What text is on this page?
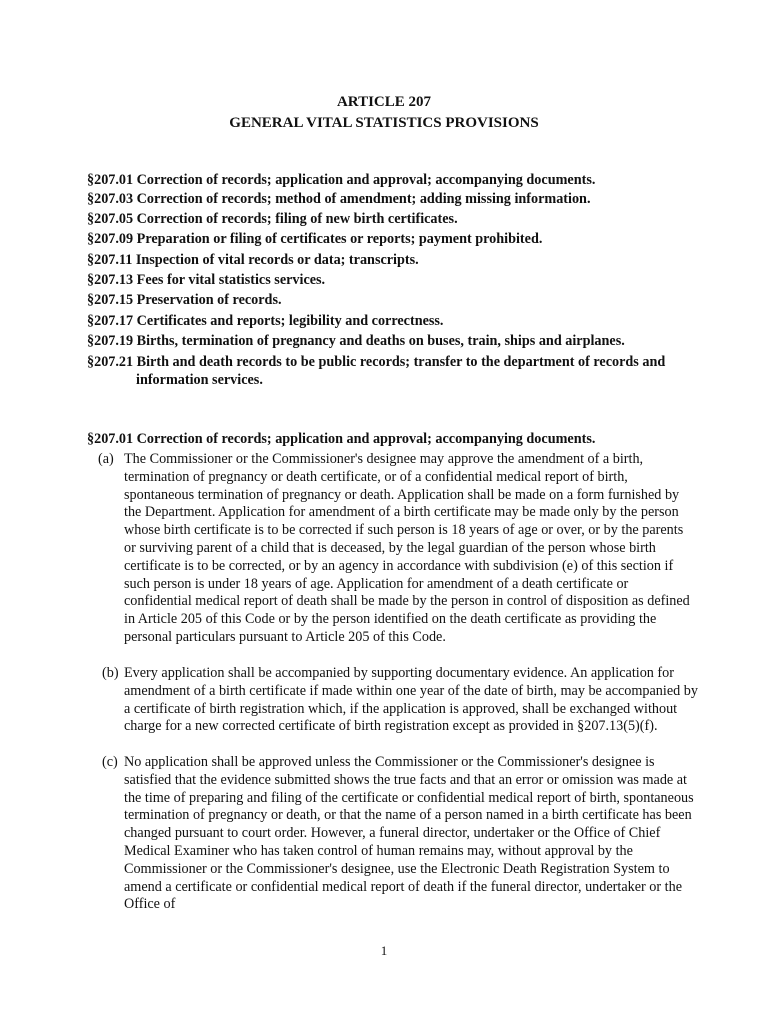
ARTICLE 207
GENERAL VITAL STATISTICS PROVISIONS
§207.01 Correction of records; application and approval; accompanying documents.
§207.03 Correction of records; method of amendment; adding missing information.
§207.05 Correction of records; filing of new birth certificates.
§207.09 Preparation or filing of certificates or reports; payment prohibited.
§207.11 Inspection of vital records or data; transcripts.
§207.13 Fees for vital statistics services.
§207.15 Preservation of records.
§207.17 Certificates and reports; legibility and correctness.
§207.19 Births, termination of pregnancy and deaths on buses, train, ships and airplanes.
§207.21 Birth and death records to be public records; transfer to the department of records and information services.
§207.01 Correction of records; application and approval; accompanying documents.
(a) The Commissioner or the Commissioner's designee may approve the amendment of a birth, termination of pregnancy or death certificate, or of a confidential medical report of birth, spontaneous termination of pregnancy or death. Application shall be made on a form furnished by the Department. Application for amendment of a birth certificate may be made only by the person whose birth certificate is to be corrected if such person is 18 years of age or over, or by the parents or surviving parent of a child that is deceased, by the legal guardian of the person whose birth certificate is to be corrected, or by an agency in accordance with subdivision (e) of this section if such person is under 18 years of age. Application for amendment of a death certificate or confidential medical report of death shall be made by the person in control of disposition as defined in Article 205 of this Code or by the person identified on the death certificate as providing the personal particulars pursuant to Article 205 of this Code.
(b) Every application shall be accompanied by supporting documentary evidence. An application for amendment of a birth certificate if made within one year of the date of birth, may be accompanied by a certificate of birth registration which, if the application is approved, shall be exchanged without charge for a new corrected certificate of birth registration except as provided in §207.13(5)(f).
(c) No application shall be approved unless the Commissioner or the Commissioner's designee is satisfied that the evidence submitted shows the true facts and that an error or omission was made at the time of preparing and filing of the certificate or confidential medical report of birth, spontaneous termination of pregnancy or death, or that the name of a person named in a birth certificate has been changed pursuant to court order. However, a funeral director, undertaker or the Office of Chief Medical Examiner who has taken control of human remains may, without approval by the Commissioner or the Commissioner's designee, use the Electronic Death Registration System to amend a certificate or confidential medical report of death if the funeral director, undertaker or the Office of
1
